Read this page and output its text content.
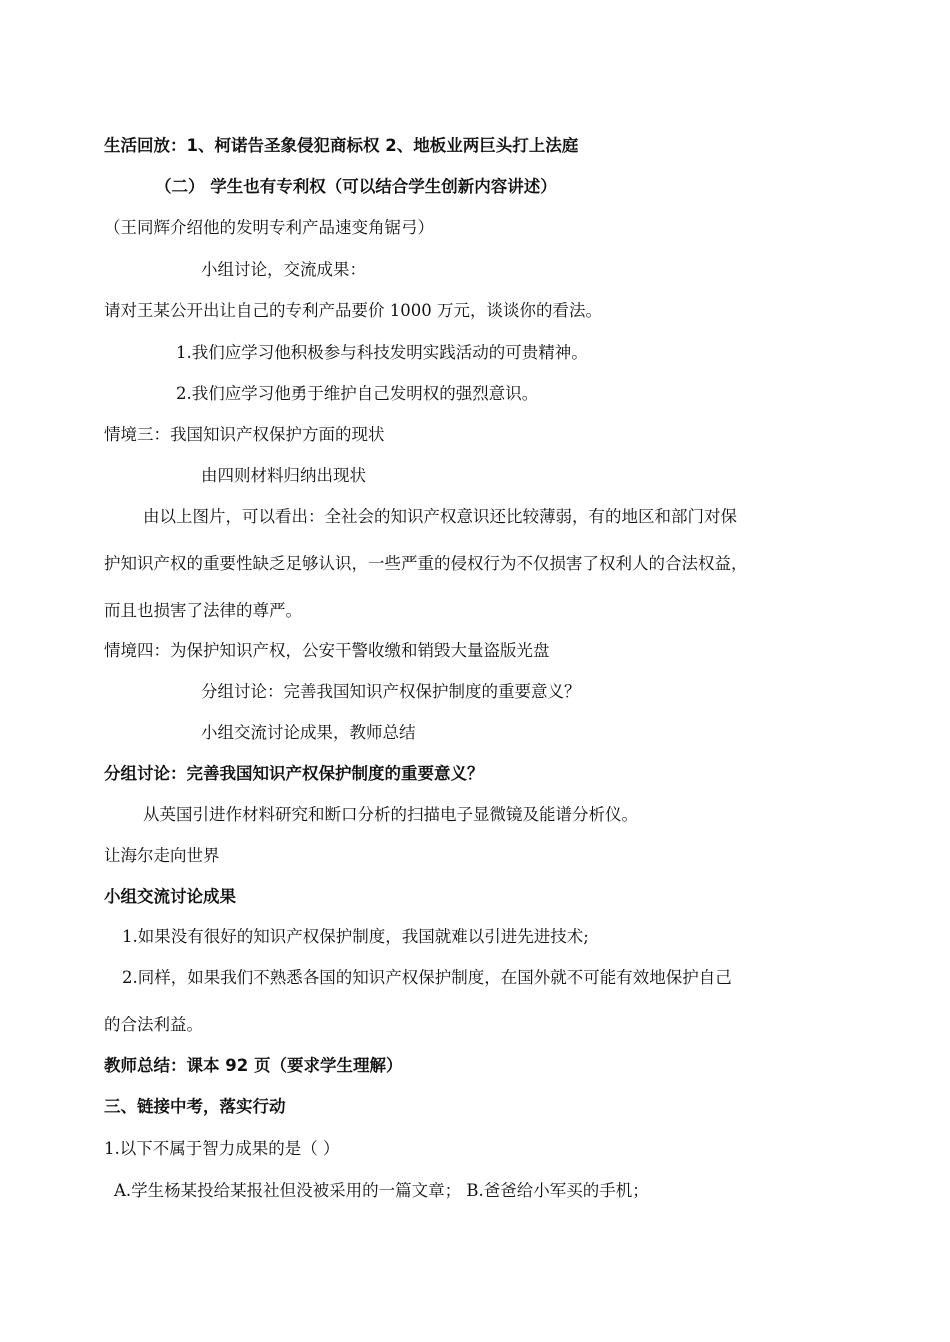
生活回放：1、柯诺告圣象侵犯商标权 2、地板业两巨头打上法庭
（二） 学生也有专利权（可以结合学生创新内容讲述）
（王同辉介绍他的发明专利产品速变角锯弓）
小组讨论，交流成果：
请对王某公开出让自己的专利产品要价 1000 万元，谈谈你的看法。
1.我们应学习他积极参与科技发明实践活动的可贵精神。
2.我们应学习他勇于维护自己发明权的强烈意识。
情境三：我国知识产权保护方面的现状
由四则材料归纳出现状
由以上图片，可以看出：全社会的知识产权意识还比较薄弱，有的地区和部门对保
护知识产权的重要性缺乏足够认识，一些严重的侵权行为不仅损害了权利人的合法权益，
而且也损害了法律的尊严。
情境四：为保护知识产权，公安干警收缴和销毁大量盗版光盘
分组讨论：完善我国知识产权保护制度的重要意义？
小组交流讨论成果，教师总结
分组讨论：完善我国知识产权保护制度的重要意义？
从英国引进作材料研究和断口分析的扫描电子显微镜及能谱分析仪。
让海尔走向世界
小组交流讨论成果
1.如果没有很好的知识产权保护制度，我国就难以引进先进技术;
2.同样，如果我们不熟悉各国的知识产权保护制度，在国外就不可能有效地保护自己
的合法利益。
教师总结：课本 92 页（要求学生理解）
三、链接中考，落实行动
1.以下不属于智力成果的是（ ）
A.学生杨某投给某报社但没被采用的一篇文章； B.爸爸给小军买的手机；
